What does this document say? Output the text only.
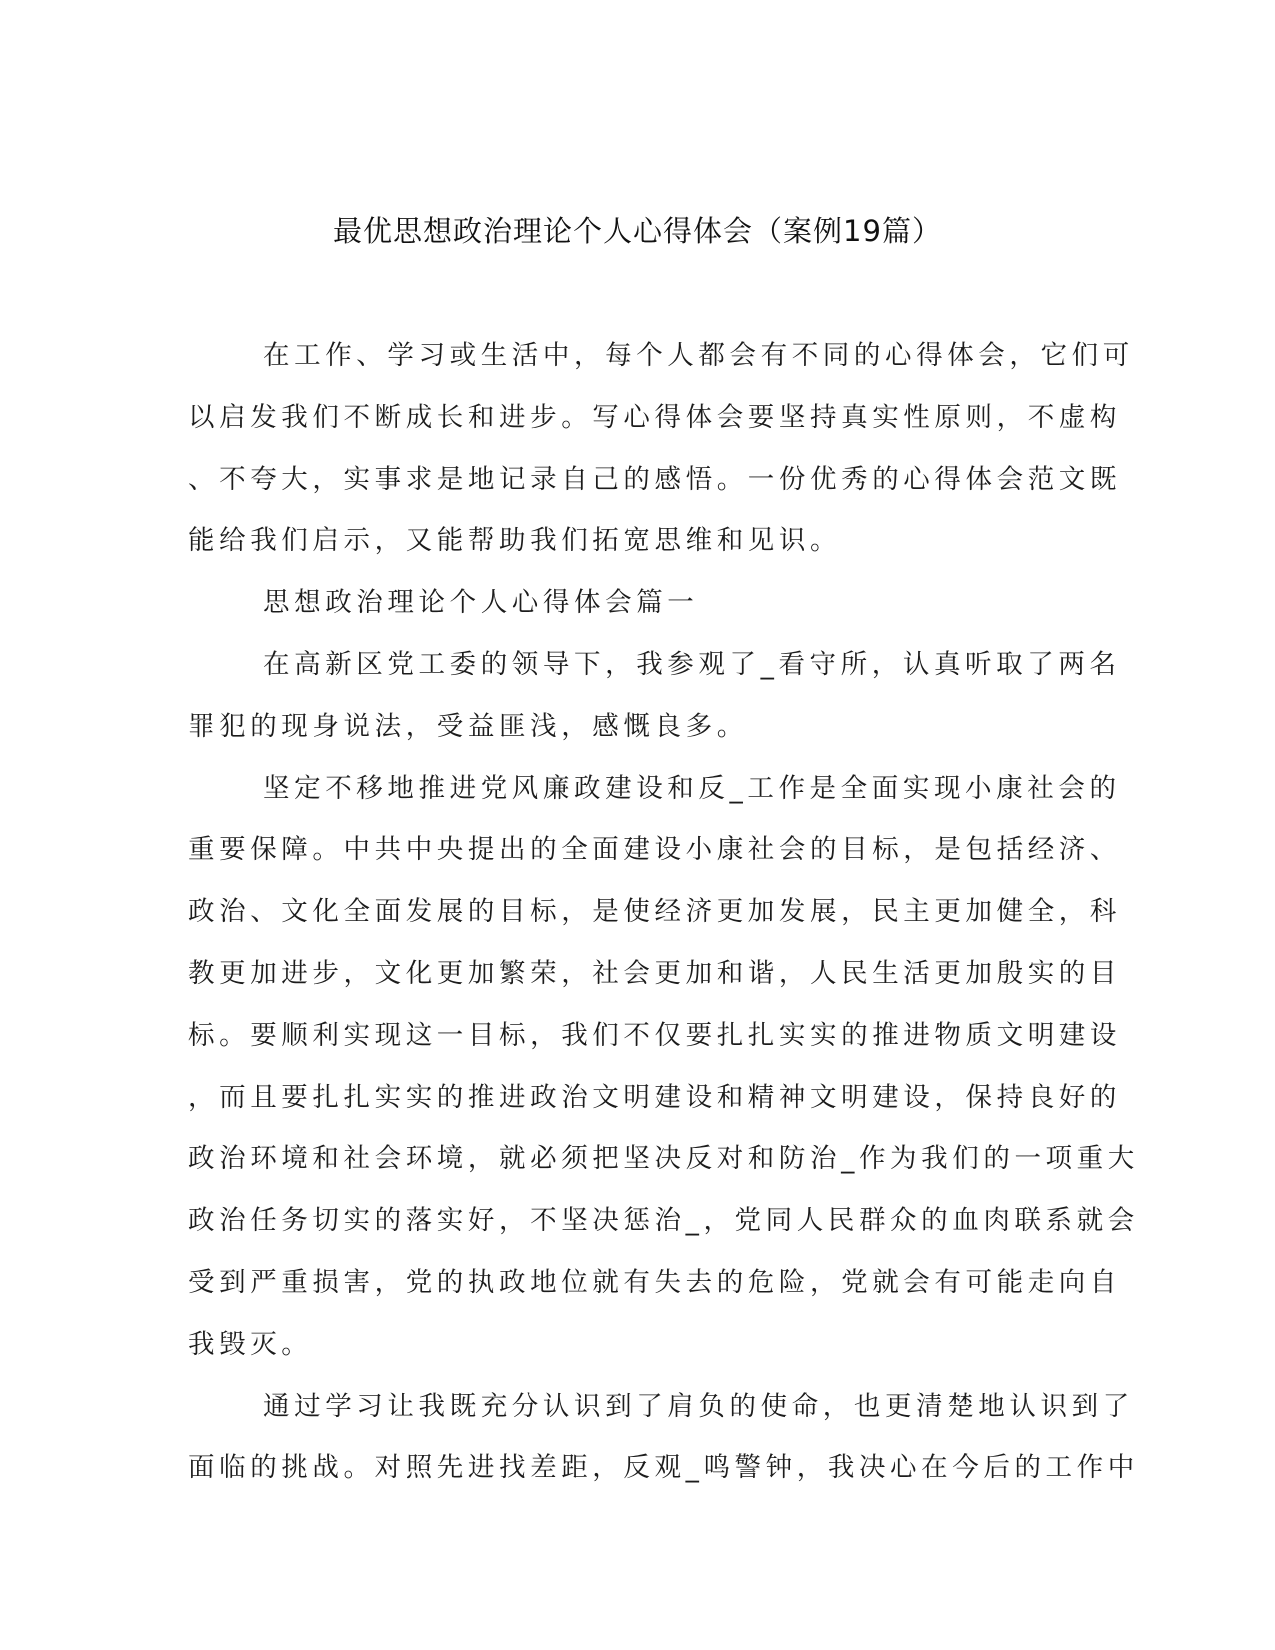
最优思想政治理论个人心得体会（案例19篇）
在工作、学习或生活中，每个人都会有不同的心得体会，它们可
以启发我们不断成长和进步。写心得体会要坚持真实性原则，不虚构
、不夸大，实事求是地记录自己的感悟。一份优秀的心得体会范文既
能给我们启示，又能帮助我们拓宽思维和见识。
思想政治理论个人心得体会篇一
在高新区党工委的领导下，我参观了_看守所，认真听取了两名
罪犯的现身说法，受益匪浅，感慨良多。
坚定不移地推进党风廉政建设和反_工作是全面实现小康社会的
重要保障。中共中央提出的全面建设小康社会的目标，是包括经济、
政治、文化全面发展的目标，是使经济更加发展，民主更加健全，科
教更加进步，文化更加繁荣，社会更加和谐，人民生活更加殷实的目
标。要顺利实现这一目标，我们不仅要扎扎实实的推进物质文明建设
，而且要扎扎实实的推进政治文明建设和精神文明建设，保持良好的
政治环境和社会环境，就必须把坚决反对和防治_作为我们的一项重大
政治任务切实的落实好，不坚决惩治_，党同人民群众的血肉联系就会
受到严重损害，党的执政地位就有失去的危险，党就会有可能走向自
我毁灭。
通过学习让我既充分认识到了肩负的使命，也更清楚地认识到了
面临的挑战。对照先进找差距，反观_鸣警钟，我决心在今后的工作中
